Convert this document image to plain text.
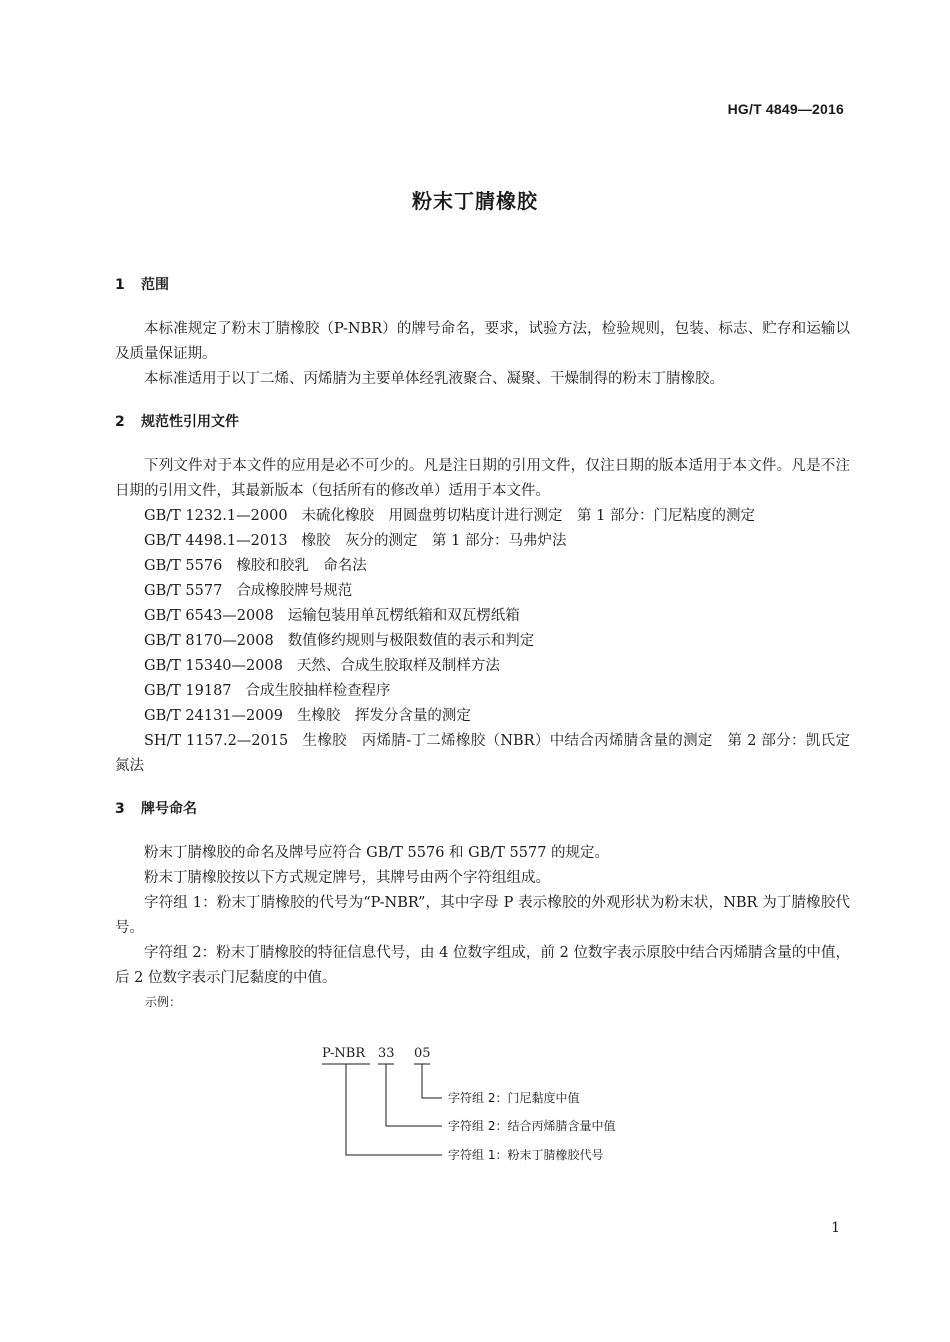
HG/T 4849—2016
粉末丁腈橡胶
1 范围

本标准规定了粉末丁腈橡胶（P-NBR）的牌号命名，要求，试验方法，检验规则，包装、标志、贮存和运输以及质量保证期。

本标准适用于以丁二烯、丙烯腈为主要单体经乳液聚合、凝聚、干燥制得的粉末丁腈橡胶。

2 规范性引用文件

下列文件对于本文件的应用是必不可少的。凡是注日期的引用文件，仅注日期的版本适用于本文件。凡是不注日期的引用文件，其最新版本（包括所有的修改单）适用于本文件。

GB/T 1232.1—2000 未硫化橡胶　用圆盘剪切粘度计进行测定　第 1 部分：门尼粘度的测定

GB/T 4498.1—2013 橡胶　灰分的测定　第 1 部分：马弗炉法

GB/T 5576 橡胶和胶乳　命名法

GB/T 5577 合成橡胶牌号规范

GB/T 6543—2008 运输包装用单瓦楞纸箱和双瓦楞纸箱

GB/T 8170—2008 数值修约规则与极限数值的表示和判定

GB/T 15340—2008 天然、合成生胶取样及制样方法

GB/T 19187 合成生胶抽样检查程序

GB/T 24131—2009 生橡胶　挥发分含量的测定

SH/T 1157.2—2015 生橡胶　丙烯腈-丁二烯橡胶（NBR）中结合丙烯腈含量的测定　第 2 部分：凯氏定氮法

3 牌号命名

粉末丁腈橡胶的命名及牌号应符合 GB/T 5576 和 GB/T 5577 的规定。

粉末丁腈橡胶按以下方式规定牌号，其牌号由两个字符组组成。

字符组 1：粉末丁腈橡胶的代号为“P-NBR”，其中字母 P 表示橡胶的外观形状为粉末状，NBR 为丁腈橡胶代号。

字符组 2：粉末丁腈橡胶的特征信息代号，由 4 位数字组成，前 2 位数字表示原胶中结合丙烯腈含量的中值，后 2 位数字表示门尼黏度的中值。

示例：

P-NBR 33 05
字符组 2：门尼黏度中值
字符组 2：结合丙烯腈含量中值
字符组 1：粉末丁腈橡胶代号
1
